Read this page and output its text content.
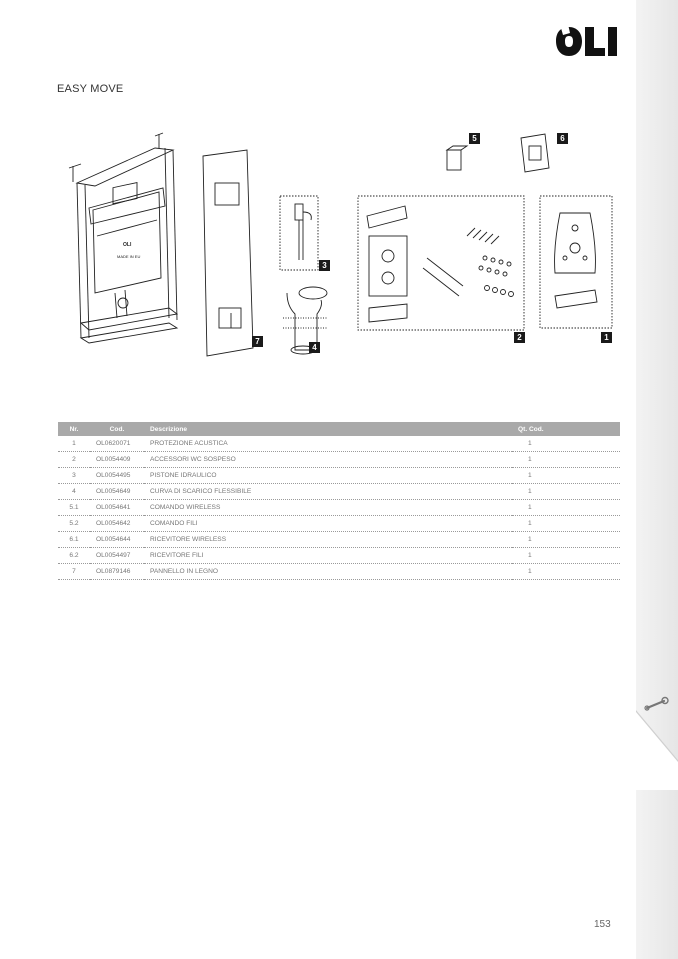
EASY MOVE
OLI
MADE IN EU
5	6
3
7
4
2	1
Nr.	Cod.	Descrizione	Qt. Cod.
1	OL0620071	PROTEZIONE ACUSTICA	1
2	OL0054409	ACCESSORI WC SOSPESO	1
3	OL0054495	PISTONE IDRAULICO	1
4	OL0054649	CURVA DI SCARICO FLESSIBILE	1
5.1	OL0054641	COMANDO WIRELESS	1
5.2	OL0054642	COMANDO FILI	1
6.1	OL0054644	RICEVITORE WIRELESS	1
6.2	OL0054497	RICEVITORE FILI	1
7	OL0879146	PANNELLO IN LEGNO	1
153
